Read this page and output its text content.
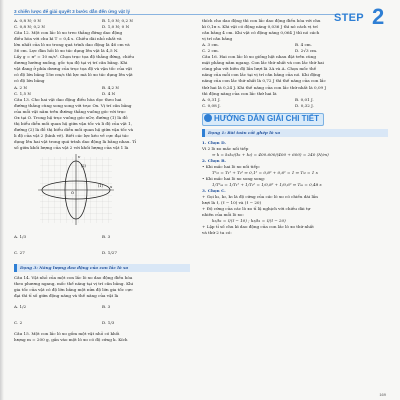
3 chiến lược để giải quyết 3 bước dẫn đến ứng vật lý
STEP 2
A. 0,8 N; 0 N	B. 1,0 N; 0,2 N
C. 0,8 N; 0,2 N	D. 1,0 N; 0 N
Câu 12. Một con lắc lò xo treo thẳng đứng dao động
điều hòa với chu kì T = 0,4 s. Chiều dài nhỏ nhất và
lớn nhất của lò xo trong quá trình dao động là 46 cm và
56 cm. Lực đàn hồi lò xo tác dụng lên vật là 4,5 N.
Lấy g = π² = 10 m/s². Chọn trục tọa độ thẳng đứng, chiều
dương hướng xuống, gốc tọa độ tại vị trí cân bằng. Khi
vật đang ở phía dương của trục tọa độ và vận tốc của vật
có độ lớn bằng 15π cm/s thì lực mà lò xo tác dụng lên vật
có độ lớn bằng
A. 2 N	B. 4,2 N
C. 1,5 N	D. 4 N
Câu 13. Cho hai vật dao động điều hòa dọc theo hai
đường thẳng cùng song song với trục Ox. Vị trí cân bằng
của mỗi vật nằm trên đường thẳng vuông góc với trục
Ox tại O. Trong hệ trục vuông góc xOv, đường (1) là đồ
thị biểu diễn mối quan hệ giữa vận tốc và li độ của vật 1,
đường (2) là đồ thị biểu diễn mối quan hệ giữa vận tốc và
li độ của vật 2 (hình vẽ). Biết các lực kéo về cực đại tác
dụng lên hai vật trong quá trình dao động là bằng nhau. Tỉ
số giữa khối lượng của vật 2 với khối lượng của vật 1 là
v
x
O
(1)
(2)
A. 1/3	B. 3
C. 27	D. 1/27
Dạng 3: Năng lượng dao động của con lắc lò xo
Câu 14. Vật nhỏ của một con lắc lò xo dao động điều hòa
theo phương ngang, mốc thế năng tại vị trí cân bằng. Khi
gia tốc của vật có độ lớn bằng một nửa độ lớn gia tốc cực
đại thì tỉ số giữa động năng và thế năng của vật là
A. 1/2	B. 3
C. 2	D. 1/3
Câu 15. Một con lắc lò xo gồm một vật nhỏ có khối
lượng m = 200 g, gắn vào một lò xo có độ cứng k. Kích
thích cho dao động thì con lắc dao động điều hòa với chu
kì 0,1π s. Khi vật có động năng 0,036 J thì nó cách vị trí
cân bằng 4 cm. Khi vật có động năng 0,064 J thì nó cách
vị trí cân bằng
A. 3 cm.	B. 4 cm.
C. 2 cm.	D. 2√3 cm.
Câu 16. Hai con lắc lò xo giống hệt nhau đặt trên cùng
mặt phẳng nằm ngang. Con lắc thứ nhất và con lắc thứ hai
cùng pha với biên độ lần lượt là 3A và A. Chọn mốc thế
năng của mỗi con lắc tại vị trí cân bằng của nó. Khi động
năng của con lắc thứ nhất là 0,72 J thì thế năng của con lắc
thứ hai là 0,24 J. Khi thế năng của con lắc thứ nhất là 0,09 J
thì động năng của con lắc thứ hai là
A. 0,31 J.	B. 0,01 J.
C. 0,08 J.	D. 0,32 J.
HƯỚNG DẪN GIẢI CHI TIẾT
Dạng 1: Bài toán cắt ghép lò xo
1. Chọn D.
Vì 2 lò xo mắc nối tiếp
⇒ k = k₁k₂/(k₁ + k₂) = 400.600/(400 + 600) = 240 (N/m)
2. Chọn B.
• Khi mắc hai lò xo nối tiếp:
T²ₙₜ = T₁² + T₂² ⇒ 0,1² = 0,8² + 0,6² = 1 ⇒ Tₙₜ = 1 s
• Khi mắc hai lò xo song song:
1/T²ₛₛ = 1/T₁² + 1/T₂² = 1/0,8² + 1/0,6² ⇒ Tₛₛ = 0,48 s
3. Chọn C.
+ Gọi k₁, k₂, k₃ là độ cứng của các lò xo có chiều dài lần
lượt là ℓ, (ℓ − 10) và (ℓ − 20)
+ Độ cứng của các lò xo tỉ lệ nghịch với chiều dài tự
nhiên của mỗi lò xo:
k₂/k₁ = ℓ/(ℓ − 10) ; k₃/k₁ = ℓ/(ℓ − 20)
+ Lập tỉ số chu kì dao động của con lắc lò xo thứ nhất
và thứ 2 ta có:
169
